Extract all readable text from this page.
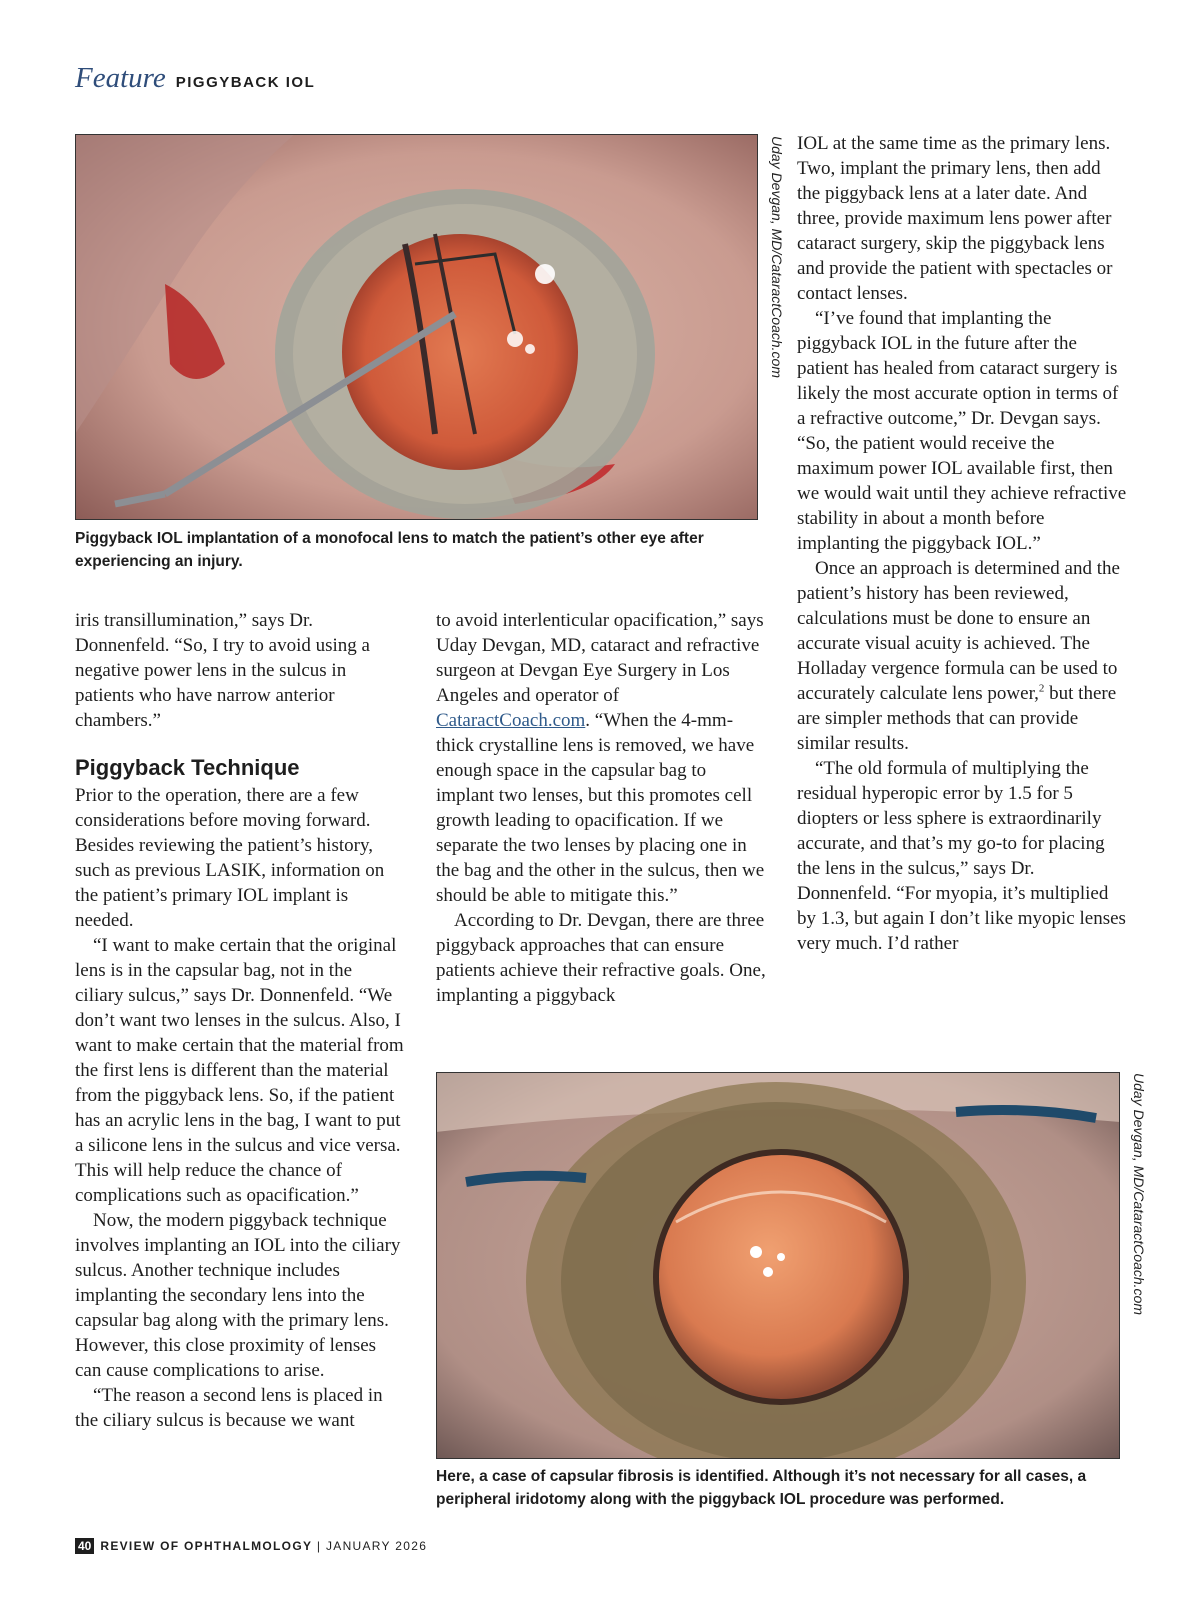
Feature PIGGYBACK IOL
Uday Devgan, MD/CataractCoach.com
Piggyback IOL implantation of a monofocal lens to match the patient’s other eye after experiencing an injury.

iris transillumination,” says Dr. Donnenfeld. “So, I try to avoid using a negative power lens in the sulcus in patients who have narrow anterior chambers.”

Piggyback Technique

Prior to the operation, there are a few considerations before moving forward. Besides reviewing the patient’s history, such as previous LASIK, information on the patient’s primary IOL implant is needed.

“I want to make certain that the original lens is in the capsular bag, not in the ciliary sulcus,” says Dr. Donnenfeld. “We don’t want two lenses in the sulcus. Also, I want to make certain that the material from the first lens is different than the material from the piggyback lens. So, if the patient has an acrylic lens in the bag, I want to put a silicone lens in the sulcus and vice versa. This will help reduce the chance of complications such as opacification.”

Now, the modern piggyback technique involves implanting an IOL into the ciliary sulcus. Another technique includes implanting the secondary lens into the capsular bag along with the primary lens. However, this close proximity of lenses can cause complications to arise.

“The reason a second lens is placed in the ciliary sulcus is because we want

to avoid interlenticular opacification,” says Uday Devgan, MD, cataract and refractive surgeon at Devgan Eye Surgery in Los Angeles and operator of CataractCoach.com. “When the 4-mm-thick crystalline lens is removed, we have enough space in the capsular bag to implant two lenses, but this promotes cell growth leading to opacification. If we separate the two lenses by placing one in the bag and the other in the sulcus, then we should be able to mitigate this.”

According to Dr. Devgan, there are three piggyback approaches that can ensure patients achieve their refractive goals. One, implanting a piggyback

IOL at the same time as the primary lens. Two, implant the primary lens, then add the piggyback lens at a later date. And three, provide maximum lens power after cataract surgery, skip the piggyback lens and provide the patient with spectacles or contact lenses.

“I’ve found that implanting the piggyback IOL in the future after the patient has healed from cataract surgery is likely the most accurate option in terms of a refractive outcome,” Dr. Devgan says. “So, the patient would receive the maximum power IOL available first, then we would wait until they achieve refractive stability in about a month before implanting the piggyback IOL.”

Once an approach is determined and the patient’s history has been reviewed, calculations must be done to ensure an accurate visual acuity is achieved. The Holladay vergence formula can be used to accurately calculate lens power,$^2$ but there are simpler methods that can provide similar results.

“The old formula of multiplying the residual hyperopic error by 1.5 for 5 diopters or less sphere is extraordinarily accurate, and that’s my go-to for placing the lens in the sulcus,” says Dr. Donnenfeld. “For myopia, it’s multiplied by 1.3, but again I don’t like myopic lenses very much. I’d rather

Uday Devgan, MD/CataractCoach.com
Here, a case of capsular fibrosis is identified. Although it’s not necessary for all cases, a peripheral iridotomy along with the piggyback IOL procedure was performed.
40 REVIEW OF OPHTHALMOLOGY | JANUARY 2026
